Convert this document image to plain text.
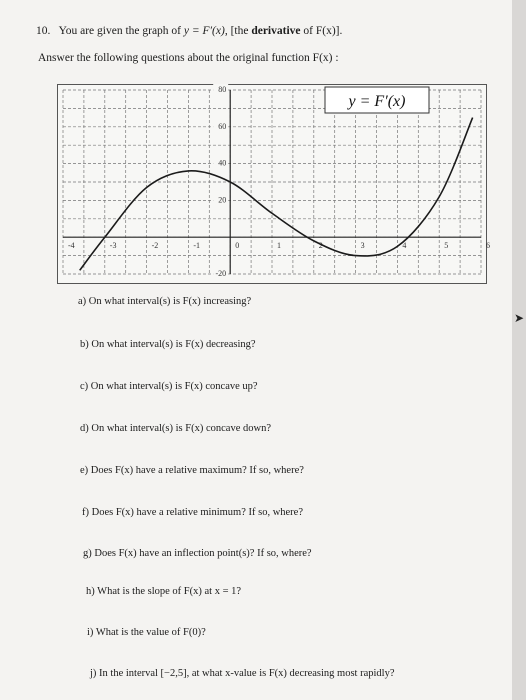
10. You are given the graph of y = F′(x), [the derivative of F(x)].
Answer the following questions about the original function F(x) :
-4	-3	-2	-1	0	1	2	3	4	5	6
80
60
40
20
-20
y = F′(x)
a) On what interval(s) is F(x) increasing?
b) On what interval(s) is F(x) decreasing?
c) On what interval(s) is F(x) concave up?
d) On what interval(s) is F(x) concave down?
e) Does F(x) have a relative maximum? If so, where?
f) Does F(x) have a relative minimum? If so, where?
g) Does F(x) have an inflection point(s)? If so, where?
h) What is the slope of F(x) at x = 1?
i) What is the value of F(0)?
j) In the interval [−2,5], at what x-value is F(x) decreasing most rapidly?
➤
